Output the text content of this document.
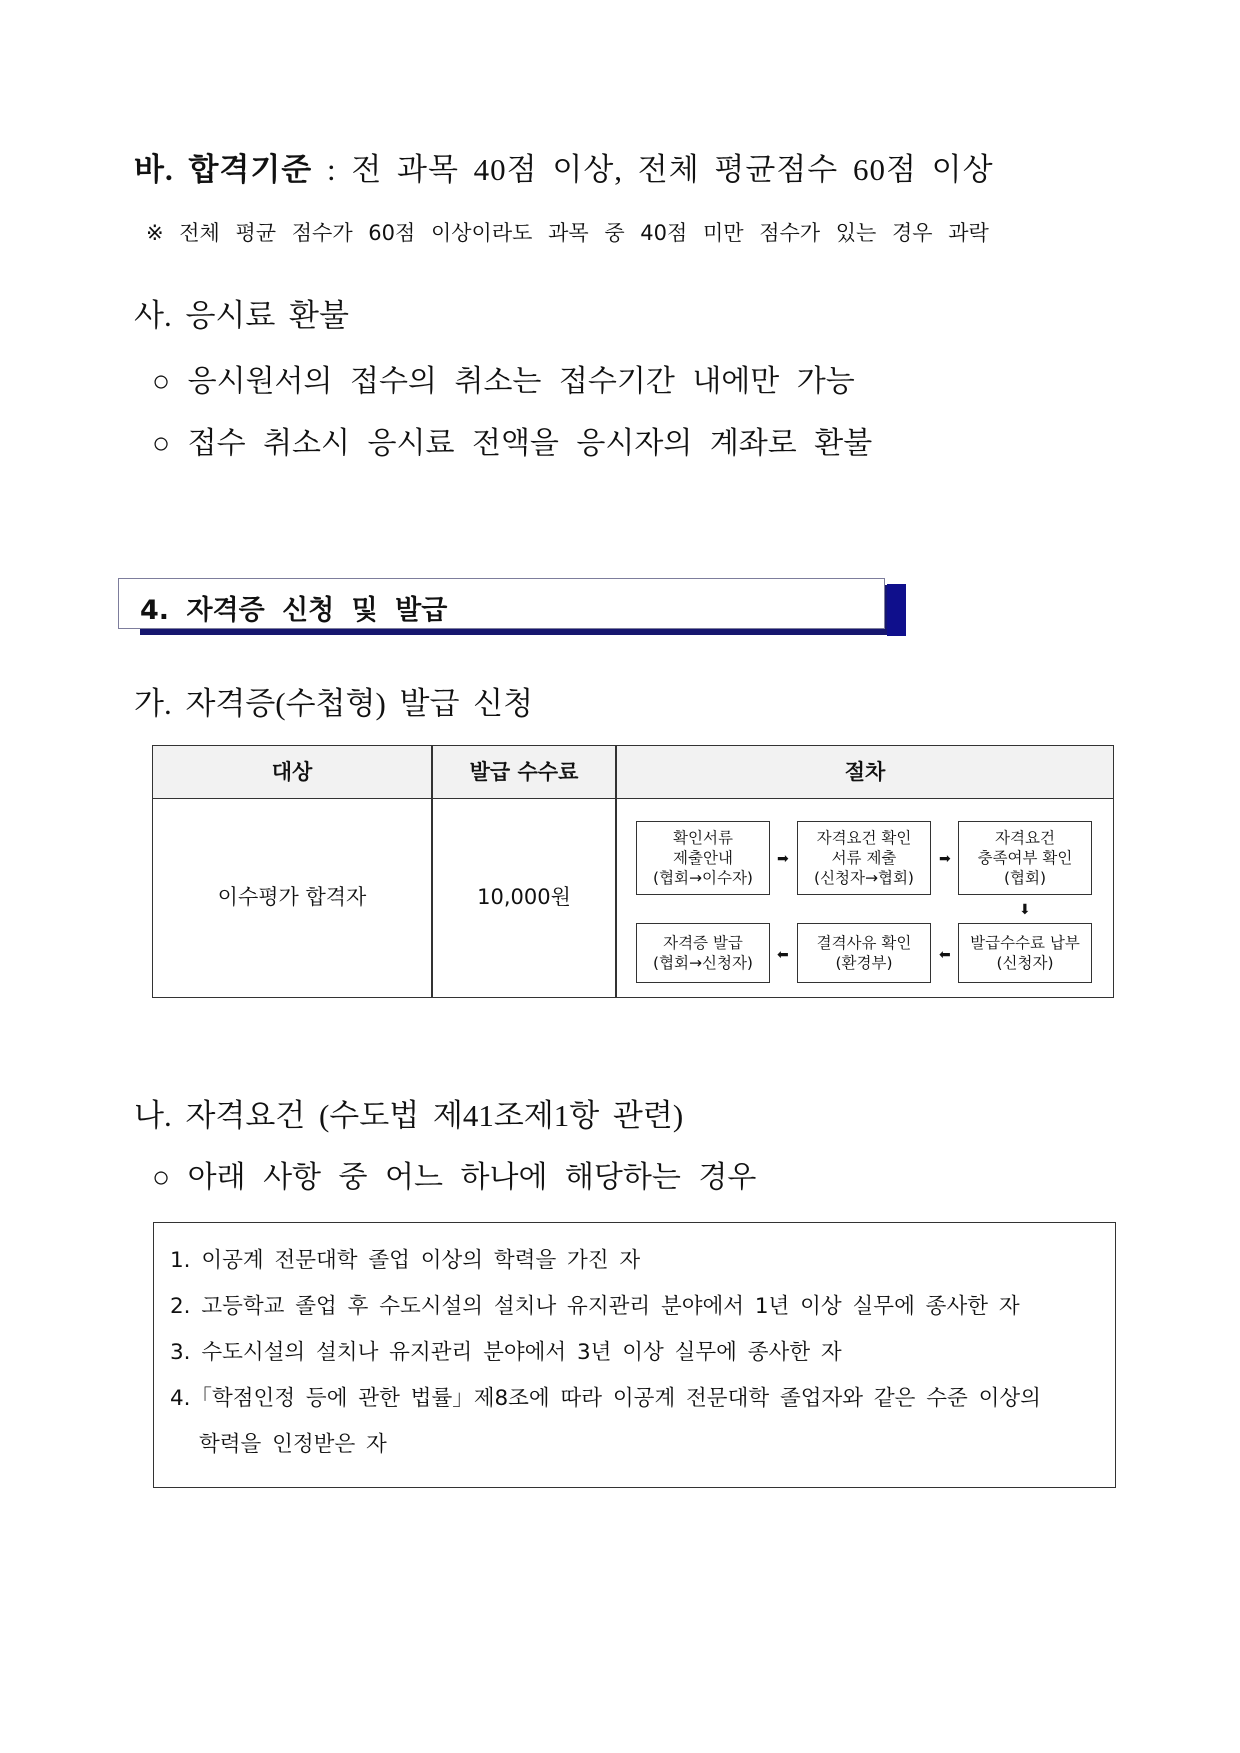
바. 합격기준 : 전 과목 40점 이상, 전체 평균점수 60점 이상
※ 전체 평균 점수가 60점 이상이라도 과목 중 40점 미만 점수가 있는 경우 과락
사. 응시료 환불
○ 응시원서의 접수의 취소는 접수기간 내에만 가능
○ 접수 취소시 응시료 전액을 응시자의 계좌로 환불
4. 자격증 신청 및 발급
가. 자격증(수첩형) 발급 신청
대상	발급 수수료	절차
이수평가 합격자	10,000원
확인서류
제출안내
(협회→이수자)
자격요건 확인
서류 제출
(신청자→협회)
자격요건
충족여부 확인
(협회)
발급수수료 납부
(신청자)
결격사유 확인
(환경부)
자격증 발급
(협회→신청자)
➡	➡
⬇
⬅
⬅
나. 자격요건 (수도법 제41조제1항 관련)
○ 아래 사항 중 어느 하나에 해당하는 경우
1. 이공계 전문대학 졸업 이상의 학력을 가진 자
2. 고등학교 졸업 후 수도시설의 설치나 유지관리 분야에서 1년 이상 실무에 종사한 자
3. 수도시설의 설치나 유지관리 분야에서 3년 이상 실무에 종사한 자
4.「학점인정 등에 관한 법률」제8조에 따라 이공계 전문대학 졸업자와 같은 수준 이상의
학력을 인정받은 자
